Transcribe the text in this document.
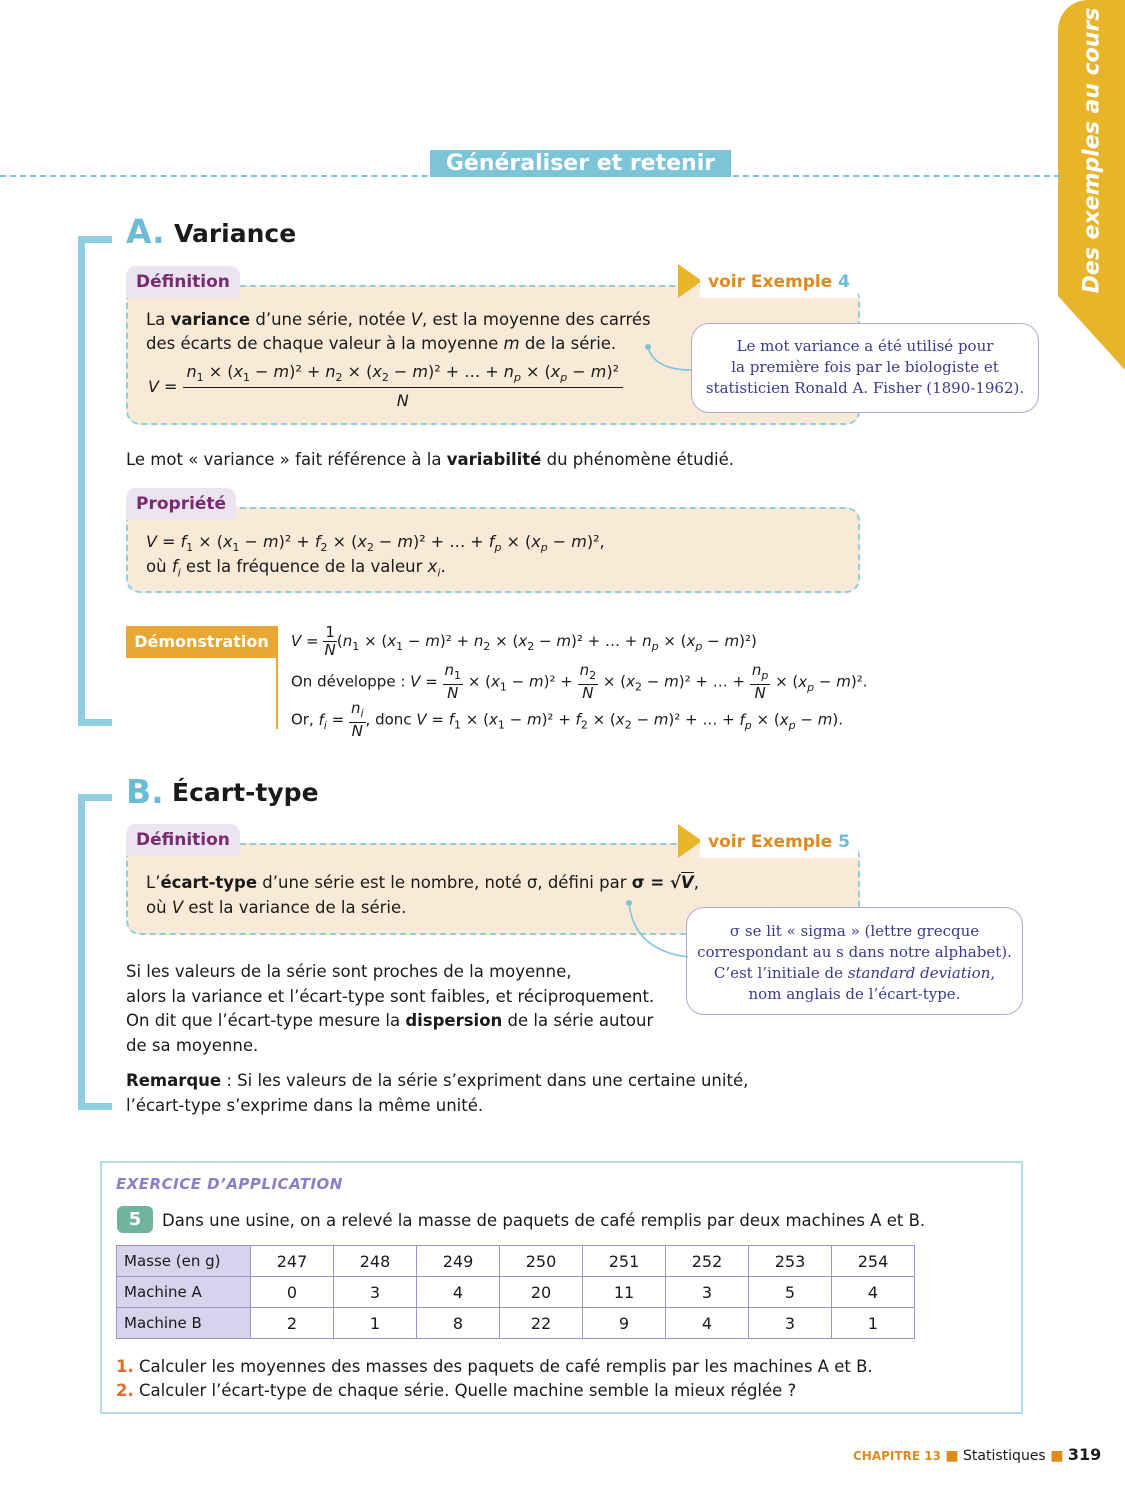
Des exemples au cours
Généraliser et retenir
A. Variance
Définition	voir Exemple 4
La variance d’une série, notée V, est la moyenne des carrés
des écarts de chaque valeur à la moyenne m de la série.
V =
$n_1 \times (x_1 - m)^2 + n_2 \times (x_2 - m)^2$ + … + $n_p \times (x_p - m)^2$
N
Le mot variance a été utilisé pour
la première fois par le biologiste et
statisticien Ronald A. Fisher (1890-1962).
Le mot « variance » fait référence à la variabilité du phénomène étudié.
Propriété
$V = f_1 \times (x_1 - m)^2 + f_2 \times (x_2 - m)^2$ + … + $f_p \times (x_p - m)^2$,
où $f_i$ est la fréquence de la valeur $x_i$.
Démonstration	$V = \frac{1}{N} (n_1 \times (x_1 - m)^2 + n_2 \times (x_2 - m)^2$ + … + $n_p \times (x_p - m)^2$)
On développe : $V = \frac{n_1}{N} \times (x_1 - m)^2 + \frac{n_2}{N} \times (x_2 - m)^2$ + … + $\frac{n_p}{N} \times (x_p - m)^2$.
Or, $f_i = \frac{n_i}{N}$ , donc $V = f_1 \times (x_1 - m)^2 + f_2 \times (x_2 - m)^2$ + … + $f_p \times (x_p - m)$.
B. Écart-type
Définition	voir Exemple 5
L’écart-type d’une série est le nombre, noté σ, défini par σ = √V,
où V est la variance de la série.
σ se lit « sigma » (lettre grecque
correspondant au s dans notre alphabet).
C’est l’initiale de standard deviation,
nom anglais de l’écart-type.
Si les valeurs de la série sont proches de la moyenne,
alors la variance et l’écart-type sont faibles, et réciproquement.
On dit que l’écart-type mesure la dispersion de la série autour
de sa moyenne.
Remarque : Si les valeurs de la série s’expriment dans une certaine unité,
l’écart-type s’exprime dans la même unité.
EXERCICE D’APPLICATION
5	Dans une usine, on a relevé la masse de paquets de café remplis par deux machines A et B.
Masse (en g)	247	248	249	250	251	252	253	254
Machine A	0	3	4	20	11	3	5	4
Machine B	2	1	8	22	9	4	3	1
1. Calculer les moyennes des masses des paquets de café remplis par les machines A et B.
2. Calculer l’écart-type de chaque série. Quelle machine semble la mieux réglée ?
CHAPITRE 13 ■ Statistiques ■ 319
